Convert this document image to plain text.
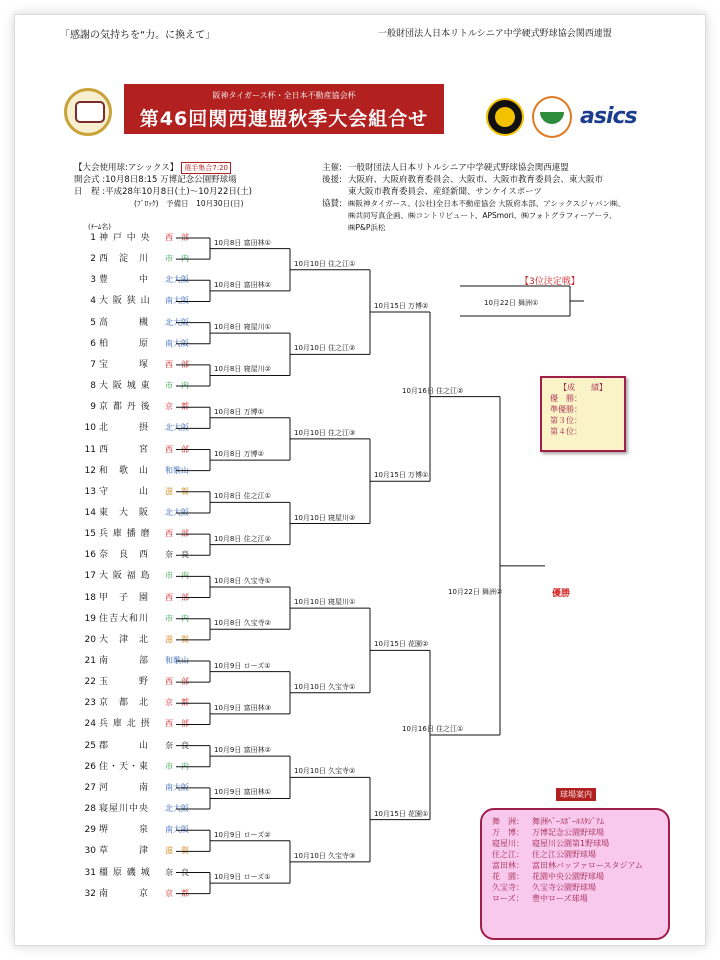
「感謝の気持ちを“力。に換えて」	一般財団法人日本リトルシニア中学硬式野球協会関西連盟
阪神タイガース杯・全日本不動産協会杯
第46回関西連盟秋季大会組合せ	asics
【大会使用球:アシックス】 選手集合7:20
開会式 :10月8日8:15 万博記念公園野球場
日　程 :平成28年10月8日(土)～10月22日(土)
(ﾌﾞﾛｯｸ)　予備日　10月30日(日)
主催: 一般財団法人日本リトルシニア中学硬式野球協会関西連盟
後援: 大阪府、大阪府教育委員会、大阪市、大阪市教育委員会、東大阪市
東大阪市教育委員会、産経新聞、サンケイスポーツ
協賛: ㈱阪神タイガース、(公社)全日本不動産協会 大阪府本部、アシックスジャパン㈱、
㈱共同写真企画、㈱コントリビュート、APSmori、㈱フォトグラフィーアーラ、
㈱P&P浜松
(ﾁｰﾑ名)
1 神 戸 中 央 西　部
2 西　淀　川 市　内
3 豊　　　中 北大阪
4 大 阪 狭 山 南大阪
5 高　　　槻 北大阪
6 柏　　　原 南大阪
7 宝　　　塚 西　部
8 大 阪 城 東 市　内
9 京 都 丹 後 京　都
10 北　　　摂 北大阪
11 西　　　宮 西　部
12 和　歌　山 和歌山
13 守　　　山 滋　賀
14 東　大　阪 北大阪
15 兵 庫 播 磨 西　部
16 奈　良　西 奈　良
17 大 阪 福 島 市　内
18 甲　子　園 西　部
19 住吉大和川 市　内
20 大　津　北 滋　賀
21 南　　　部 和歌山
22 玉　　　野 西　部
23 京　都　北 京　都
24 兵 庫 北 摂 西　部
25 郡　　　山 奈　良
26 住・天・東 市　内
27 河　　　南 南大阪
28 寝屋川中央 北大阪
29 堺　　　泉 南大阪
30 草　　　津 滋　賀
31 橿 原 磯 城 奈　良
32 南　　　京 京　都
10月8日 富田林①
10月8日 富田林②
10月8日 寝屋川①
10月8日 寝屋川②
10月8日 万博①
10月8日 万博②
10月8日 住之江①
10月8日 住之江②
10月8日 久宝寺①
10月8日 久宝寺②
10月9日 ローズ①
10月9日 富田林③
10月9日 富田林②
10月9日 富田林①
10月9日 ローズ②
10月9日 ローズ①
10月10日 住之江①
10月10日 住之江②
10月10日 住之江③
10月10日 寝屋川②
10月10日 寝屋川①
10月10日 久宝寺①
10月10日 久宝寺②
10月10日 久宝寺③
10月15日 万博②
10月15日 万博①
10月15日 花園②
10月15日 花園①
10月16日 住之江②
10月16日 住之江①
【3位決定戦】
10月22日 舞洲①
10月22日 舞洲②	優勝
【成　　績】
優　勝：
準優勝：
第３位：
第４位：
球場案内
舞　洲： 舞洲ﾍﾞｰｽﾎﾞｰﾙｽﾀｼﾞｱﾑ
万　博： 万博記念公園野球場
寝屋川： 寝屋川公園第1野球場
住之江： 住之江公園野球場
富田林： 富田林バッファロースタジアム
花　園： 花園中央公園野球場
久宝寺： 久宝寺公園野球場
ローズ： 豊中ローズ球場
